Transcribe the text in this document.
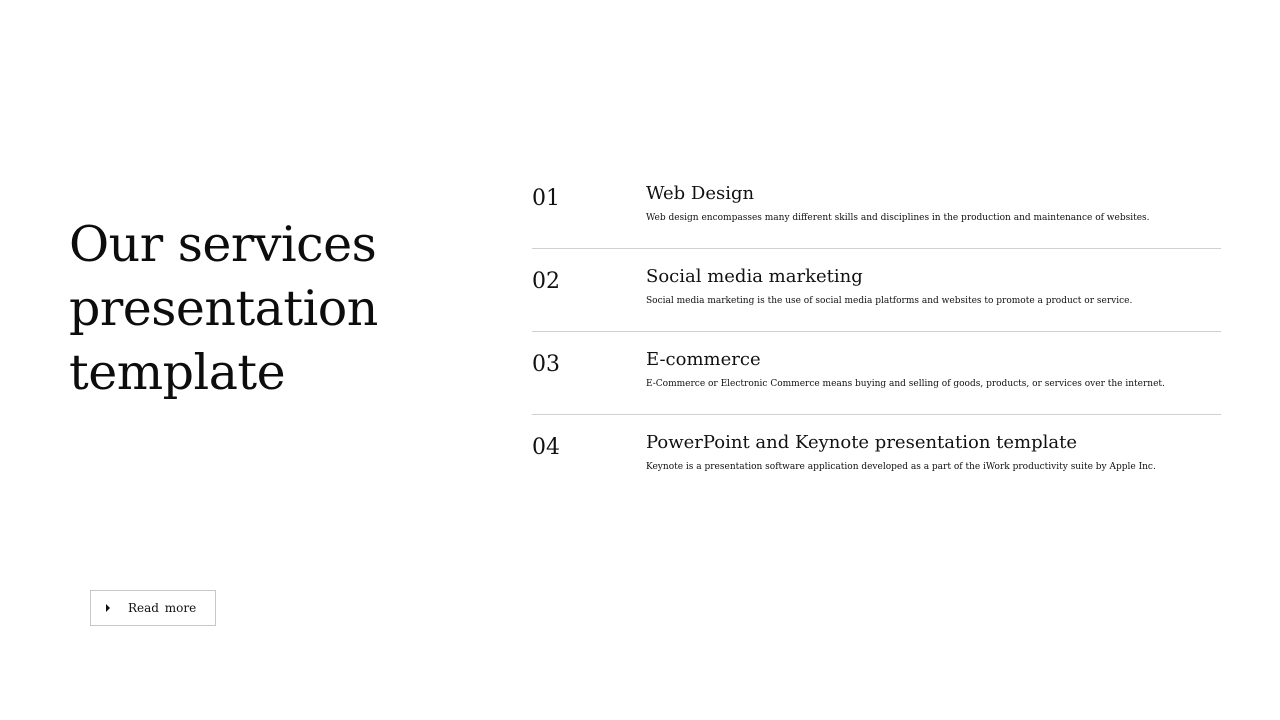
Our services
presentation
template
01	Web Design
Web design encompasses many different skills and disciplines in the production and maintenance of websites.
02	Social media marketing
Social media marketing is the use of social media platforms and websites to promote a product or service.
03	E-commerce
E-Commerce or Electronic Commerce means buying and selling of goods, products, or services over the internet.
04	PowerPoint and Keynote presentation template
Keynote is a presentation software application developed as a part of the iWork productivity suite by Apple Inc.
Read more
